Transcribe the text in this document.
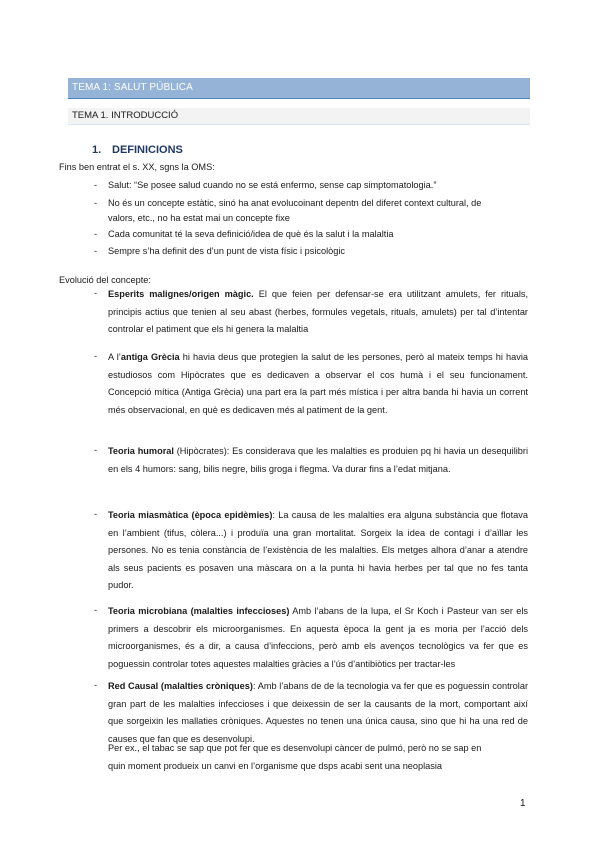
TEMA 1: SALUT PÚBLICA
TEMA 1. INTRODUCCIÓ
1. DEFINICIONS
Fins ben entrat el s. XX, sgns la OMS:
- Salut: “Se posee salud cuando no se está enfermo, sense cap simptomatologia.”
- No és un concepte estàtic, sinó ha anat evolucoinant depentn del diferet context cultural, de
valors, etc., no ha estat mai un concepte fixe
- Cada comunitat té la seva definició/idea de què és la salut i la malaltia
- Sempre s’ha definit des d’un punt de vista físic i psicològic
Evolució del concepte:
- Esperits malignes/origen màgic. El que feien per defensar-se era utilitzant amulets, fer rituals, principis actius que tenien al seu abast (herbes, formules vegetals, rituals, amulets) per tal d’intentar controlar el patiment que els hi genera la malaltia
- A l’antiga Grècia hi havia deus que protegien la salut de les persones, però al mateix temps hi havia estudiosos com Hipòcrates que es dedicaven a observar el cos humà i el seu funcionament. Concepció mítica (Antiga Grècia) una part era la part més mística i per altra banda hi havia un corrent més observacional, en què es dedicaven més al patiment de la gent.
- Teoria humoral (Hipòcrates): Es considerava que les malalties es produien pq hi havia un desequilibri en els 4 humors: sang, bilis negre, bilis groga i flegma. Va durar fins a l’edat mitjana.
- Teoria miasmàtica (època epidèmies): La causa de les malalties era alguna substància que flotava en l’ambient (tifus, còlera...) i produïa una gran mortalitat. Sorgeix la idea de contagi i d’aïllar les persones. No es tenia constància de l’existència de les malalties. Els metges alhora d’anar a atendre als seus pacients es posaven una màscara on a la punta hi havia herbes per tal que no fes tanta pudor.
- Teoria microbiana (malalties infeccioses) Amb l’abans de la lupa, el Sr Koch i Pasteur van ser els primers a descobrir els microorganismes. En aquesta època la gent ja es moria per l’acció dels microorganismes, és a dir, a causa d’infeccions, però amb els avenços tecnològics va fer que es poguessin controlar totes aquestes malalties gràcies a l’ús d’antibiòtics per tractar-les
- Red Causal (malalties cròniques): Amb l’abans de de la tecnologia va fer que es poguessin controlar gran part de les malalties infeccioses i que deixessin de ser la causants de la mort, comportant així que sorgeixin les mallaties cròniques. Aquestes no tenen una única causa, sino que hi ha una red de causes que fan que es desenvolupi.
Per ex., el tabac se sap que pot fer que es desenvolupi càncer de pulmó, però no se sap en
quin moment produeix un canvi en l’organisme que dsps acabi sent una neoplasia
1
